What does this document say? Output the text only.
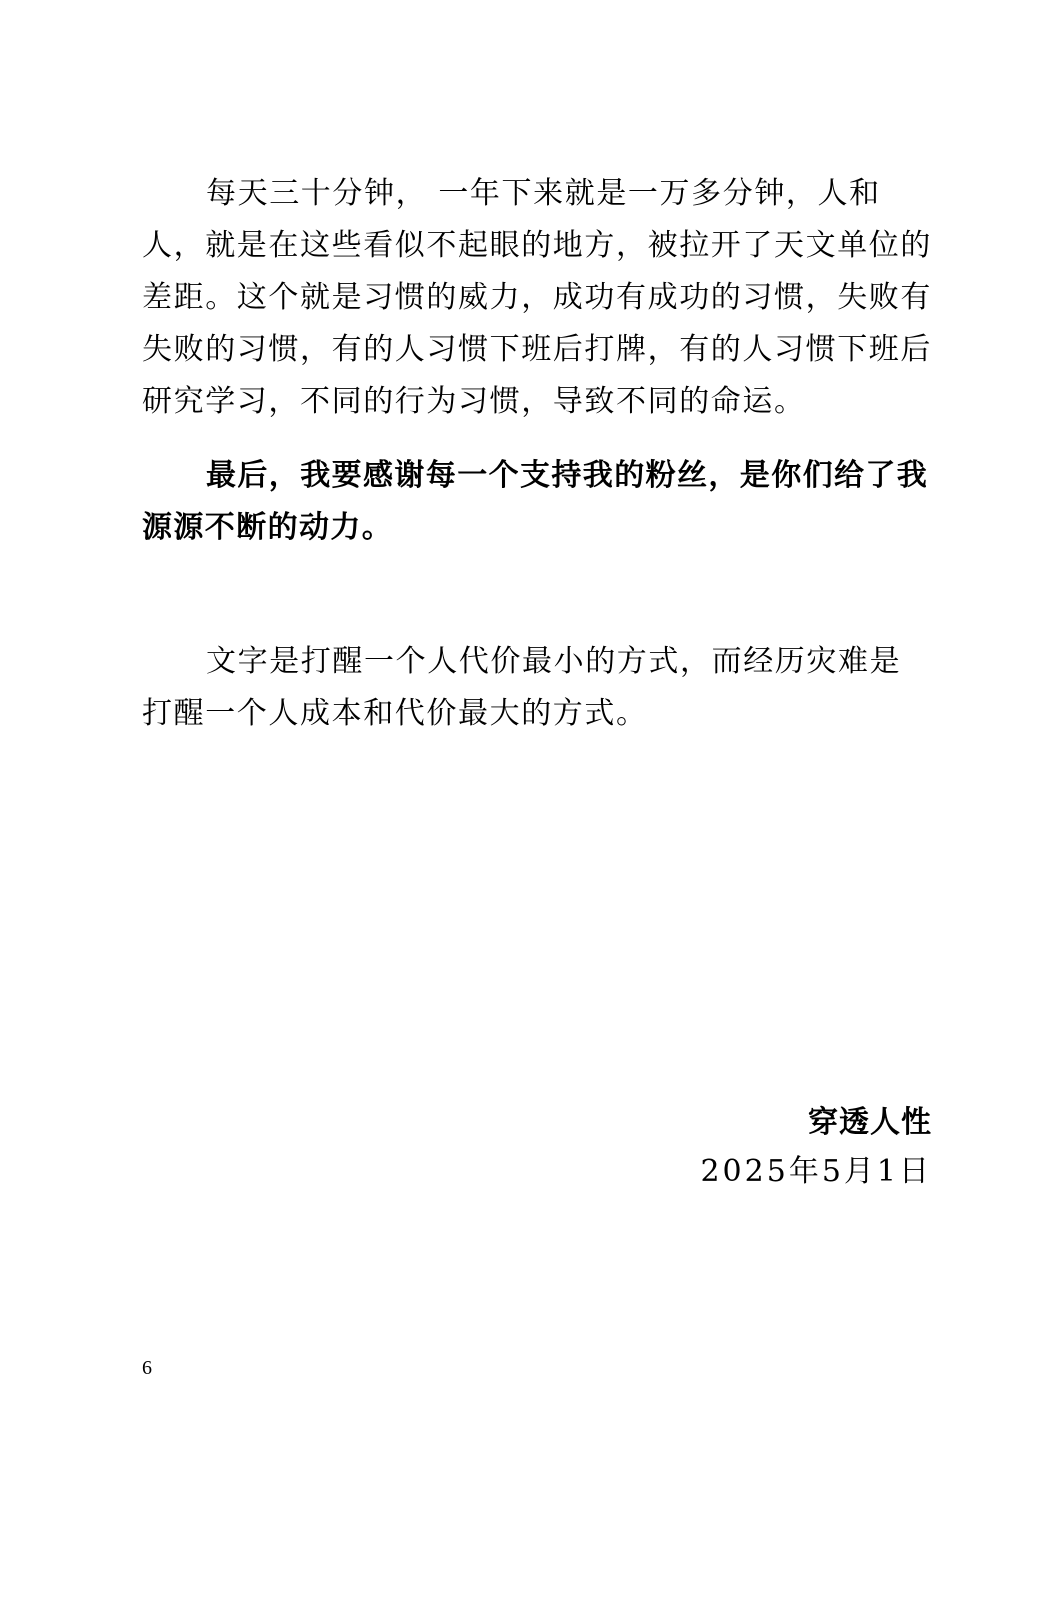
每天三十分钟， 一年下来就是一万多分钟，人和人，就是在这些看似不起眼的地方，被拉开了天文单位的差距。这个就是习惯的威力，成功有成功的习惯，失败有失败的习惯，有的人习惯下班后打牌，有的人习惯下班后研究学习，不同的行为习惯，导致不同的命运。

最后，我要感谢每一个支持我的粉丝，是你们给了我源源不断的动力。

文字是打醒一个人代价最小的方式，而经历灾难是打醒一个人成本和代价最大的方式。

穿透人性

2025年5月1日

6
